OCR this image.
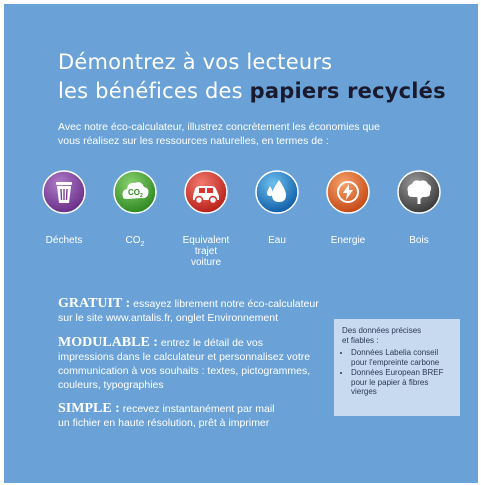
Démontrez à vos lecteurs
les bénéfices des papiers recyclés
Avec notre éco-calculateur, illustrez concrètement les économies que vous réalisez sur les ressources naturelles, en termes de :
Déchets
CO 2
$CO_2$	Equivalent
trajet
voiture
Eau	Energie	Bois
GRATUIT : essayez librement notre éco-calculateur
sur le site www.antalis.fr, onglet Environnement
MODULABLE : entrez le détail de vos
impressions dans le calculateur et personnalisez votre
communication à vos souhaits : textes, pictogrammes,
couleurs, typographies
SIMPLE : recevez instantanément par mail
un fichier en haute résolution, prêt à imprimer
Des données précises
et fiables :
• Données Labelia conseil
pour l'empreinte carbone
• Données European BREF
pour le papier à fibres
vierges
